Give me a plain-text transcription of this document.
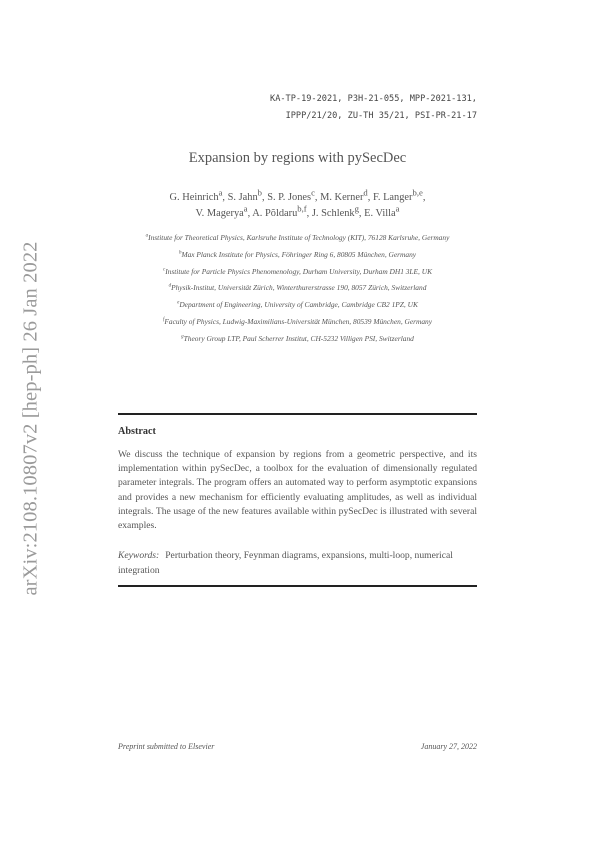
arXiv:2108.10807v2 [hep-ph] 26 Jan 2022
KA-TP-19-2021, P3H-21-055, MPP-2021-131,
IPPP/21/20, ZU-TH 35/21, PSI-PR-21-17
Expansion by regions with pySecDec
G. Heinrich$^a$, S. Jahn$^b$, S. P. Jones$^c$, M. Kerner$^d$, F. Langer$^{b,e}$,
V. Magerya$^a$, A. Põldaru$^{b,f}$, J. Schlenk$^g$, E. Villa$^a$
$^a$Institute for Theoretical Physics, Karlsruhe Institute of Technology (KIT), 76128 Karlsruhe, Germany
$^b$Max Planck Institute for Physics, Föhringer Ring 6, 80805 München, Germany
$^c$Institute for Particle Physics Phenomenology, Durham University, Durham DH1 3LE, UK
$^d$Physik-Institut, Universität Zürich, Winterthurerstrasse 190, 8057 Zürich, Switzerland
$^e$Department of Engineering, University of Cambridge, Cambridge CB2 1PZ, UK
$^f$Faculty of Physics, Ludwig-Maximilians-Universität München, 80539 München, Germany
$^g$Theory Group LTP, Paul Scherrer Institut, CH-5232 Villigen PSI, Switzerland
Abstract
We discuss the technique of expansion by regions from a geometric perspective, and its implementation within pySecDec, a toolbox for the evaluation of dimensionally regulated parameter integrals. The program offers an automated way to perform asymptotic expansions and provides a new mechanism for efficiently evaluating amplitudes, as well as individual integrals. The usage of the new features available within pySecDec is illustrated with several examples.
Keywords: Perturbation theory, Feynman diagrams, expansions, multi-loop, numerical integration
Preprint submitted to Elsevier	January 27, 2022
